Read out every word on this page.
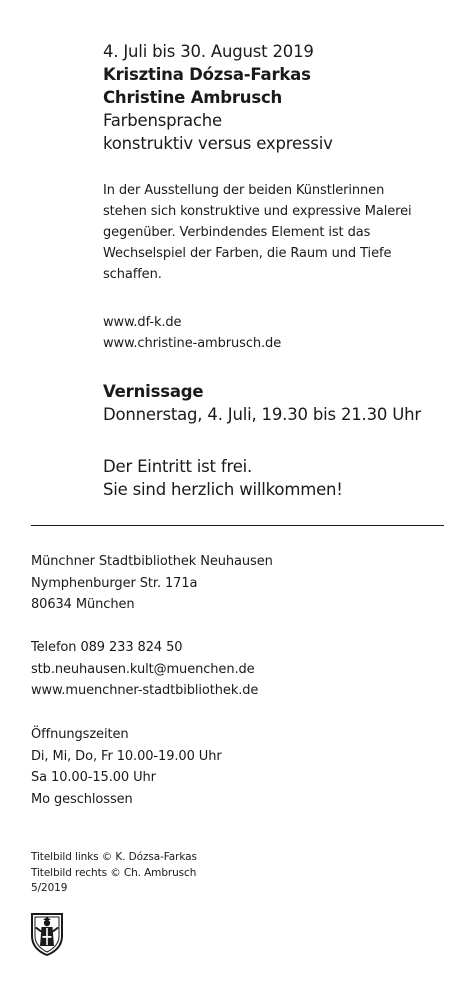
4. Juli bis 30. August 2019
Krisztina Dózsa-Farkas
Christine Ambrusch
Farbensprache
konstruktiv versus expressiv
In der Ausstellung der beiden Künstlerinnen
stehen sich konstruktive und expressive Malerei
gegenüber. Verbindendes Element ist das
Wechselspiel der Farben, die Raum und Tiefe
schaffen.
www.df-k.de
www.christine-ambrusch.de
Vernissage
Donnerstag, 4. Juli, 19.30 bis 21.30 Uhr
Der Eintritt ist frei.
Sie sind herzlich willkommen!
Münchner Stadtbibliothek Neuhausen
Nymphenburger Str. 171a
80634 München
Telefon 089 233 824 50
stb.neuhausen.kult@muenchen.de
www.muenchner-stadtbibliothek.de
Öffnungszeiten
Di, Mi, Do, Fr 10.00-19.00 Uhr
Sa 10.00-15.00 Uhr
Mo geschlossen
Titelbild links © K. Dózsa-Farkas
Titelbild rechts © Ch. Ambrusch
5/2019
